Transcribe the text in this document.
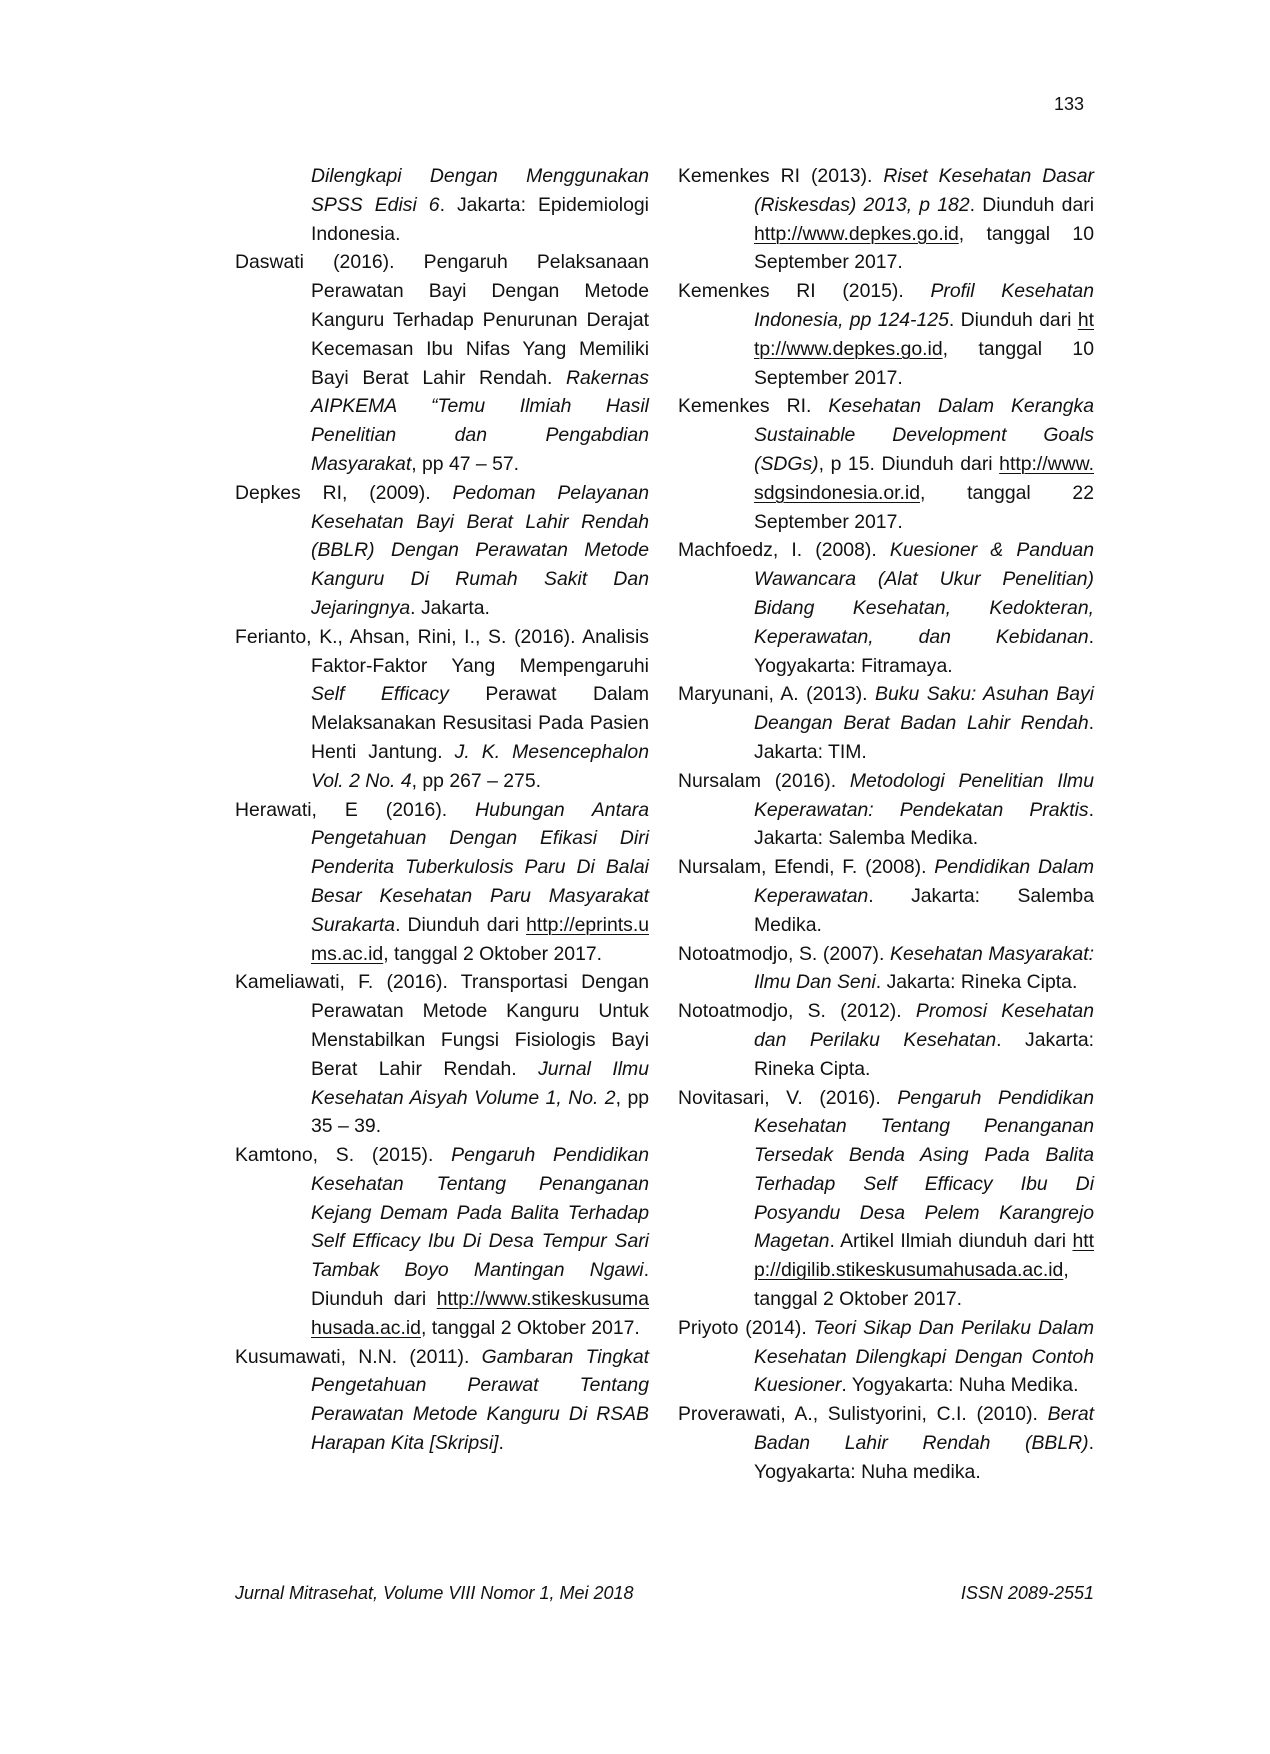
133

Dilengkapi Dengan Menggunakan SPSS Edisi 6. Jakarta: Epidemiologi Indonesia.

Daswati (2016). Pengaruh Pelaksanaan Perawatan Bayi Dengan Metode Kanguru Terhadap Penurunan Derajat Kecemasan Ibu Nifas Yang Memiliki Bayi Berat Lahir Rendah. Rakernas AIPKEMA “Temu Ilmiah Hasil Penelitian dan Pengabdian Masyarakat, pp 47 – 57.

Depkes RI, (2009). Pedoman Pelayanan Kesehatan Bayi Berat Lahir Rendah (BBLR) Dengan Perawatan Metode Kanguru Di Rumah Sakit Dan Jejaringnya. Jakarta.

Ferianto, K., Ahsan, Rini, I., S. (2016). Analisis Faktor-Faktor Yang Mempengaruhi Self Efficacy Perawat Dalam Melaksanakan Resusitasi Pada Pasien Henti Jantung. J. K. Mesencephalon Vol. 2 No. 4, pp 267 – 275.

Herawati, E (2016). Hubungan Antara Pengetahuan Dengan Efikasi Diri Penderita Tuberkulosis Paru Di Balai Besar Kesehatan Paru Masyarakat Surakarta. Diunduh dari http://eprints.ums.ac.id, tanggal 2 Oktober 2017.

Kameliawati, F. (2016). Transportasi Dengan Perawatan Metode Kanguru Untuk Menstabilkan Fungsi Fisiologis Bayi Berat Lahir Rendah. Jurnal Ilmu Kesehatan Aisyah Volume 1, No. 2, pp 35 – 39.

Kamtono, S. (2015). Pengaruh Pendidikan Kesehatan Tentang Penanganan Kejang Demam Pada Balita Terhadap Self Efficacy Ibu Di Desa Tempur Sari Tambak Boyo Mantingan Ngawi. Diunduh dari http://www.stikeskusumahusada.ac.id, tanggal 2 Oktober 2017.

Kusumawati, N.N. (2011). Gambaran Tingkat Pengetahuan Perawat Tentang Perawatan Metode Kanguru Di RSAB Harapan Kita [Skripsi].

Kemenkes RI (2013). Riset Kesehatan Dasar (Riskesdas) 2013, p 182. Diunduh dari http://www.depkes.go.id, tanggal 10 September 2017.

Kemenkes RI (2015). Profil Kesehatan Indonesia, pp 124-125. Diunduh dari http://www.depkes.go.id, tanggal 10 September 2017.

Kemenkes RI. Kesehatan Dalam Kerangka Sustainable Development Goals (SDGs), p 15. Diunduh dari http://www.sdgsindonesia.or.id, tanggal 22 September 2017.

Machfoedz, I. (2008). Kuesioner & Panduan Wawancara (Alat Ukur Penelitian) Bidang Kesehatan, Kedokteran, Keperawatan, dan Kebidanan. Yogyakarta: Fitramaya.

Maryunani, A. (2013). Buku Saku: Asuhan Bayi Deangan Berat Badan Lahir Rendah. Jakarta: TIM.

Nursalam (2016). Metodologi Penelitian Ilmu Keperawatan: Pendekatan Praktis. Jakarta: Salemba Medika.

Nursalam, Efendi, F. (2008). Pendidikan Dalam Keperawatan. Jakarta: Salemba Medika.

Notoatmodjo, S. (2007). Kesehatan Masyarakat: Ilmu Dan Seni. Jakarta: Rineka Cipta.

Notoatmodjo, S. (2012). Promosi Kesehatan dan Perilaku Kesehatan. Jakarta: Rineka Cipta.

Novitasari, V. (2016). Pengaruh Pendidikan Kesehatan Tentang Penanganan Tersedak Benda Asing Pada Balita Terhadap Self Efficacy Ibu Di Posyandu Desa Pelem Karangrejo Magetan. Artikel Ilmiah diunduh dari http://digilib.stikeskusumahusada.ac.id, tanggal 2 Oktober 2017.

Priyoto (2014). Teori Sikap Dan Perilaku Dalam Kesehatan Dilengkapi Dengan Contoh Kuesioner. Yogyakarta: Nuha Medika.

Proverawati, A., Sulistyorini, C.I. (2010). Berat Badan Lahir Rendah (BBLR). Yogyakarta: Nuha medika.

Jurnal Mitrasehat, Volume VIII Nomor 1, Mei 2018	ISSN 2089-2551
